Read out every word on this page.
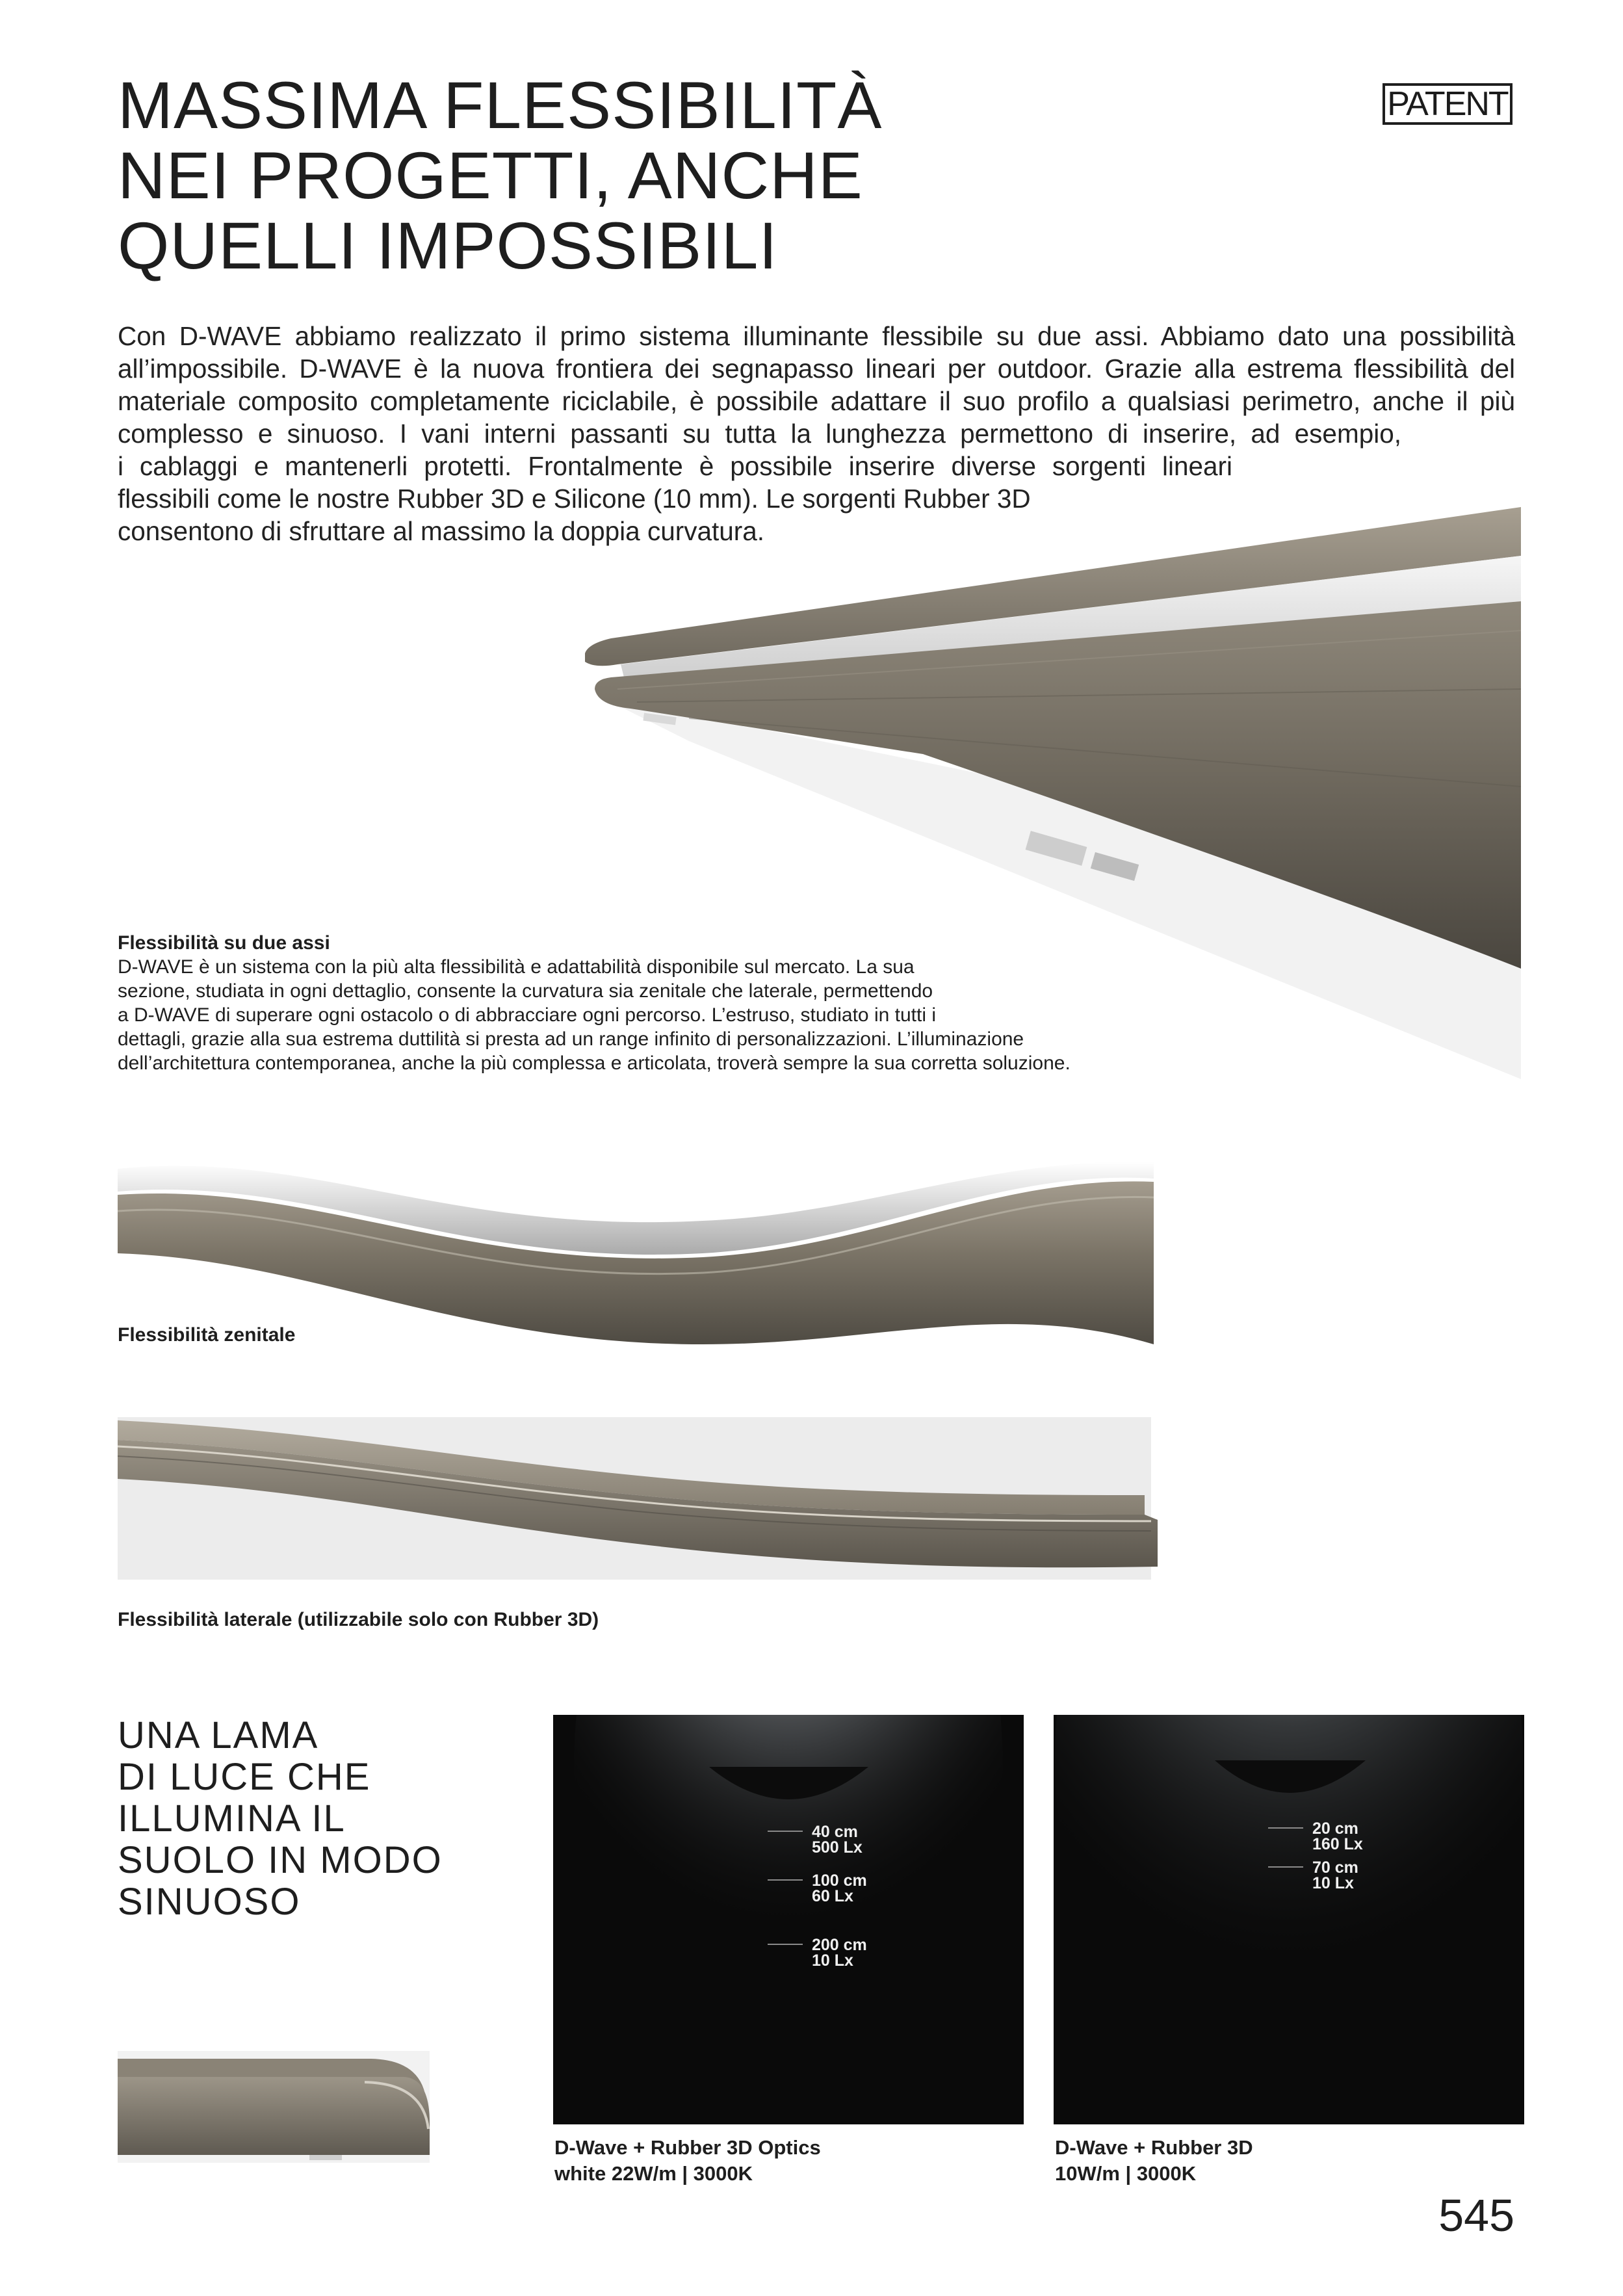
MASSIMA FLESSIBILITÀ
NEI PROGETTI, ANCHE
QUELLI IMPOSSIBILI
PATENT
Con D-WAVE abbiamo realizzato il primo sistema illuminante flessibile su due assi. Abbiamo dato una possibilità
all’impossibile. D-WAVE è la nuova frontiera dei segnapasso lineari per outdoor. Grazie alla estrema flessibilità del
materiale composito completamente riciclabile, è possibile adattare il suo profilo a qualsiasi perimetro, anche il più
complesso e sinuoso. I vani interni passanti su tutta la lunghezza permettono di inserire, ad esempio,
i cablaggi e mantenerli protetti. Frontalmente è possibile inserire diverse sorgenti lineari
flessibili come le nostre Rubber 3D e Silicone (10 mm). Le sorgenti Rubber 3D
consentono di sfruttare al massimo la doppia curvatura.
Flessibilità su due assi
D-WAVE è un sistema con la più alta flessibilità e adattabilità disponibile sul mercato. La sua
sezione, studiata in ogni dettaglio, consente la curvatura sia zenitale che laterale, permettendo
a D-WAVE di superare ogni ostacolo o di abbracciare ogni percorso. L’estruso, studiato in tutti i
dettagli, grazie alla sua estrema duttilità si presta ad un range infinito di personalizzazioni. L’illuminazione
dell’architettura contemporanea, anche la più complessa e articolata, troverà sempre la sua corretta soluzione.
Flessibilità zenitale
Flessibilità laterale (utilizzabile solo con Rubber 3D)
UNA LAMA
DI LUCE CHE
ILLUMINA IL
SUOLO IN MODO
SINUOSO
40 cm
500 Lx
100 cm
60 Lx
200 cm
10 Lx
D-Wave + Rubber 3D Optics
white 22W/m | 3000K
20 cm
160 Lx
70 cm
10 Lx
D-Wave + Rubber 3D
10W/m | 3000K
545
